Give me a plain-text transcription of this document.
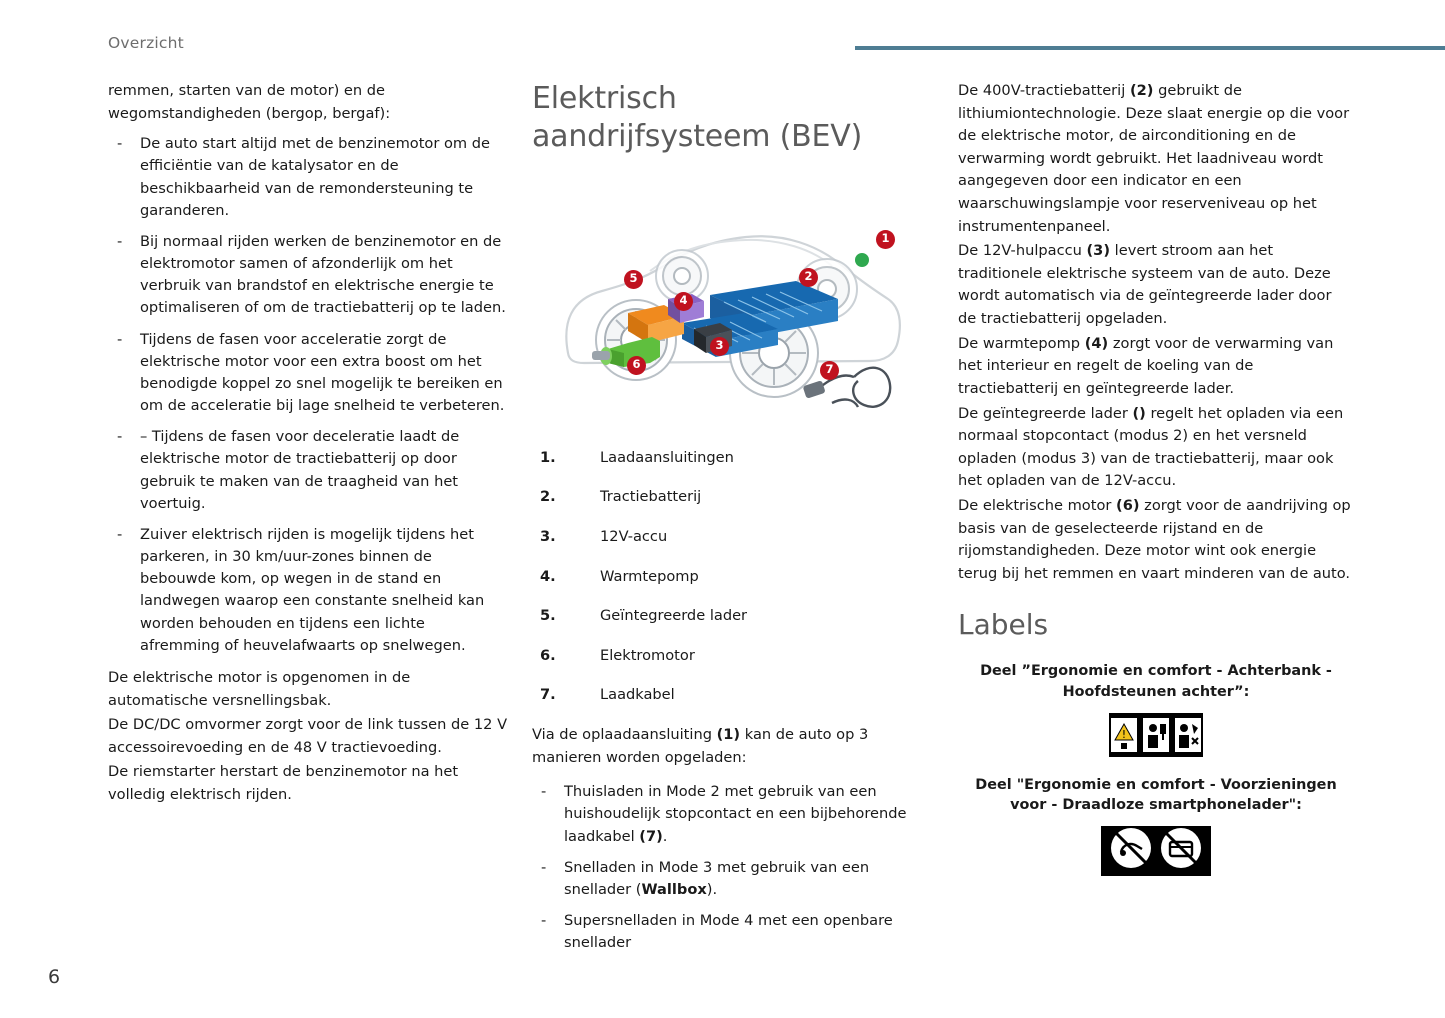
Overzicht

remmen, starten van de motor) en de wegomstandigheden (bergop, bergaf):

- De auto start altijd met de benzinemotor om de efficiëntie van de katalysator en de beschikbaarheid van de remondersteuning te garanderen.
- Bij normaal rijden werken de benzinemotor en de elektromotor samen of afzonderlijk om het verbruik van brandstof en elektrische energie te optimaliseren of om de tractiebatterij op te laden.
- Tijdens de fasen voor acceleratie zorgt de elektrische motor voor een extra boost om het benodigde koppel zo snel mogelijk te bereiken en om de acceleratie bij lage snelheid te verbeteren.
- – Tijdens de fasen voor deceleratie laadt de elektrische motor de tractiebatterij op door gebruik te maken van de traagheid van het voertuig.
- Zuiver elektrisch rijden is mogelijk tijdens het parkeren, in 30 km/uur-zones binnen de bebouwde kom, op wegen in de stand en landwegen waarop een constante snelheid kan worden behouden en tijdens een lichte afremming of heuvelafwaarts op snelwegen.

De elektrische motor is opgenomen in de automatische versnellingsbak.

De DC/DC omvormer zorgt voor de link tussen de 12 V accessoirevoeding en de 48 V tractievoeding.

De riemstarter herstart de benzinemotor na het volledig elektrisch rijden.

Elektrisch aandrijfsysteem (BEV)
1
2
3
4
5
6	7
1.	Laadaansluitingen
2.	Tractiebatterij
3.	12V-accu
4.	Warmtepomp
5.	Geïntegreerde lader
6.	Elektromotor
7.	Laadkabel

Via de oplaadaansluiting (1) kan de auto op 3 manieren worden opgeladen:

- Thuisladen in Mode 2 met gebruik van een huishoudelijk stopcontact en een bijbehorende laadkabel (7).
- Snelladen in Mode 3 met gebruik van een snellader (Wallbox).
- Supersnelladen in Mode 4 met een openbare snellader

De 400V-tractiebatterij (2) gebruikt de lithiumiontechnologie. Deze slaat energie op die voor de elektrische motor, de airconditioning en de verwarming wordt gebruikt. Het laadniveau wordt aangegeven door een indicator en een waarschuwingslampje voor reserveniveau op het instrumentenpaneel.

De 12V-hulpaccu (3) levert stroom aan het traditionele elektrische systeem van de auto. Deze wordt automatisch via de geïntegreerde lader door de tractiebatterij opgeladen.

De warmtepomp (4) zorgt voor de verwarming van het interieur en regelt de koeling van de tractiebatterij en geïntegreerde lader.

De geïntegreerde lader () regelt het opladen via een normaal stopcontact (modus 2) en het versneld opladen (modus 3) van de tractiebatterij, maar ook het opladen van de 12V-accu.

De elektrische motor (6) zorgt voor de aandrijving op basis van de geselecteerde rijstand en de rijomstandigheden. Deze motor wint ook energie terug bij het remmen en vaart minderen van de auto.

Labels
Deel ”Ergonomie en comfort - Achterbank - Hoofdsteunen achter”:
!
Deel "Ergonomie en comfort - Voorzieningen voor - Draadloze smartphonelader":
6
